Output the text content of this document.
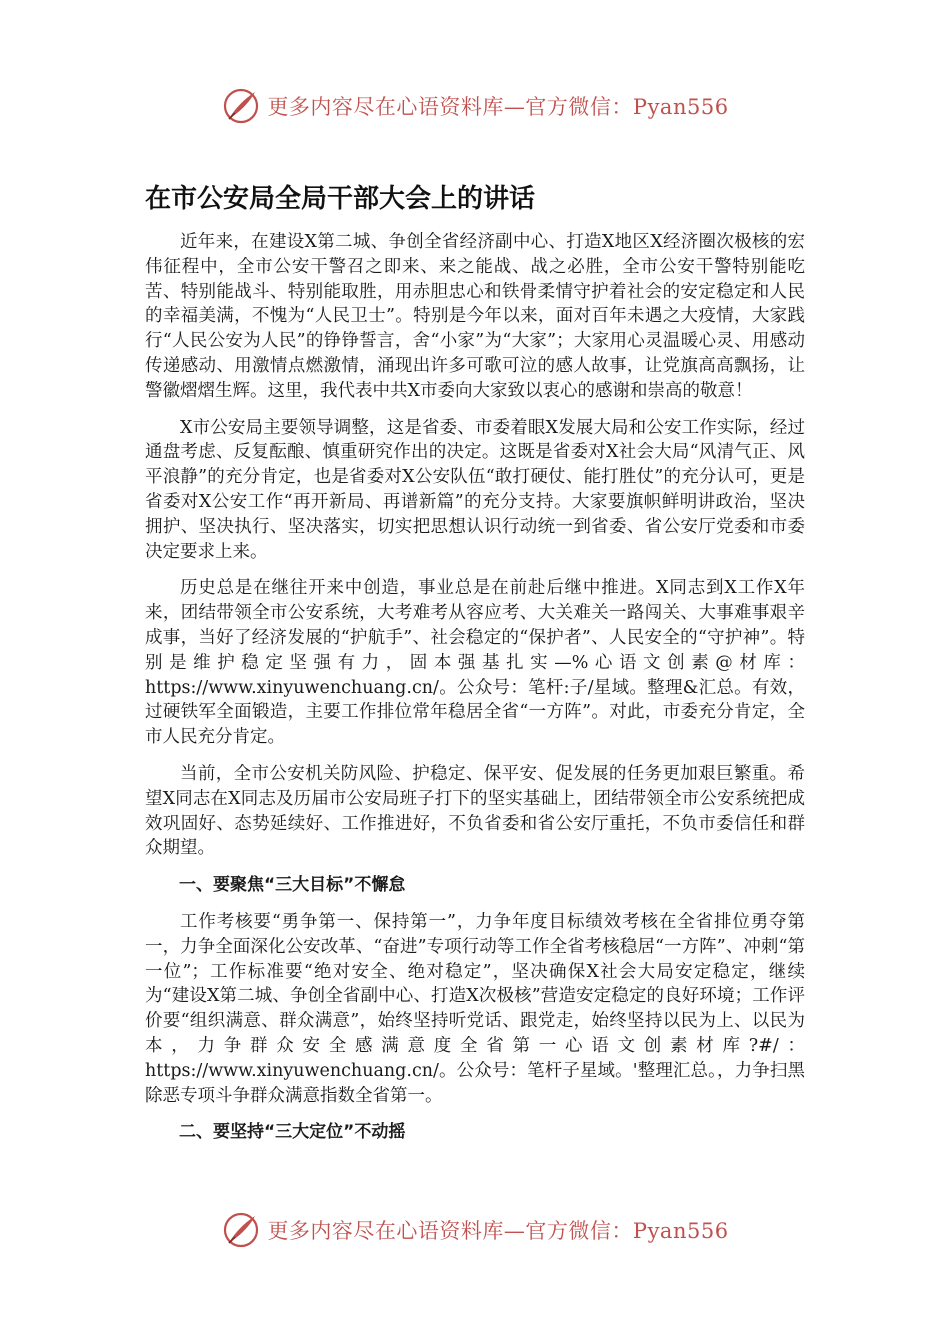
更多内容尽在心语资料库—官方微信：Pyan556
在市公安局全局干部大会上的讲话

近年来，在建设X第二城、争创全省经济副中心、打造X地区X经济圈次极核的宏伟征程中，全市公安干警召之即来、来之能战、战之必胜，全市公安干警特别能吃苦、特别能战斗、特别能取胜，用赤胆忠心和铁骨柔情守护着社会的安定稳定和人民的幸福美满，不愧为“人民卫士”。特别是今年以来，面对百年未遇之大疫情，大家践行“人民公安为人民”的铮铮誓言，舍“小家”为“大家”；大家用心灵温暖心灵、用感动传递感动、用激情点燃激情，涌现出许多可歌可泣的感人故事，让党旗高高飘扬，让警徽熠熠生辉。这里，我代表中共X市委向大家致以衷心的感谢和崇高的敬意！

X市公安局主要领导调整，这是省委、市委着眼X发展大局和公安工作实际，经过通盘考虑、反复酝酿、慎重研究作出的决定。这既是省委对X社会大局“风清气正、风平浪静”的充分肯定，也是省委对X公安队伍“敢打硬仗、能打胜仗”的充分认可，更是省委对X公安工作“再开新局、再谱新篇”的充分支持。大家要旗帜鲜明讲政治，坚决拥护、坚决执行、坚决落实，切实把思想认识行动统一到省委、省公安厅党委和市委决定要求上来。

历史总是在继往开来中创造，事业总是在前赴后继中推进。X同志到X工作X年来，团结带领全市公安系统，大考难考从容应考、大关难关一路闯关、大事难事艰辛成事，当好了经济发展的“护航手”、社会稳定的“保护者”、人民安全的“守护神”。特别是维护稳定坚强有力，固本强基扎实—%心语文创素@材库：https://www.xinyuwenchuang.cn/。公众号：笔杆:子/星域。整理&汇总。有效，过硬铁军全面锻造，主要工作排位常年稳居全省“一方阵”。对此，市委充分肯定，全市人民充分肯定。

当前，全市公安机关防风险、护稳定、保平安、促发展的任务更加艰巨繁重。希望X同志在X同志及历届市公安局班子打下的坚实基础上，团结带领全市公安系统把成效巩固好、态势延续好、工作推进好，不负省委和省公安厅重托，不负市委信任和群众期望。

一、要聚焦“三大目标”不懈怠

工作考核要“勇争第一、保持第一”，力争年度目标绩效考核在全省排位勇夺第一，力争全面深化公安改革、“奋进”专项行动等工作全省考核稳居“一方阵”、冲刺“第一位”；工作标准要“绝对安全、绝对稳定”，坚决确保X社会大局安定稳定，继续为“建设X第二城、争创全省副中心、打造X次极核”营造安定稳定的良好环境；工作评价要“组织满意、群众满意”，始终坚持听党话、跟党走，始终坚持以民为上、以民为本，力争群众安全感满意度全省第一心语文创素材库?#/：https://www.xinyuwenchuang.cn/。公众号：笔杆子星域。'整理汇总。，力争扫黑除恶专项斗争群众满意指数全省第一。

二、要坚持“三大定位”不动摇

更多内容尽在心语资料库—官方微信：Pyan556
